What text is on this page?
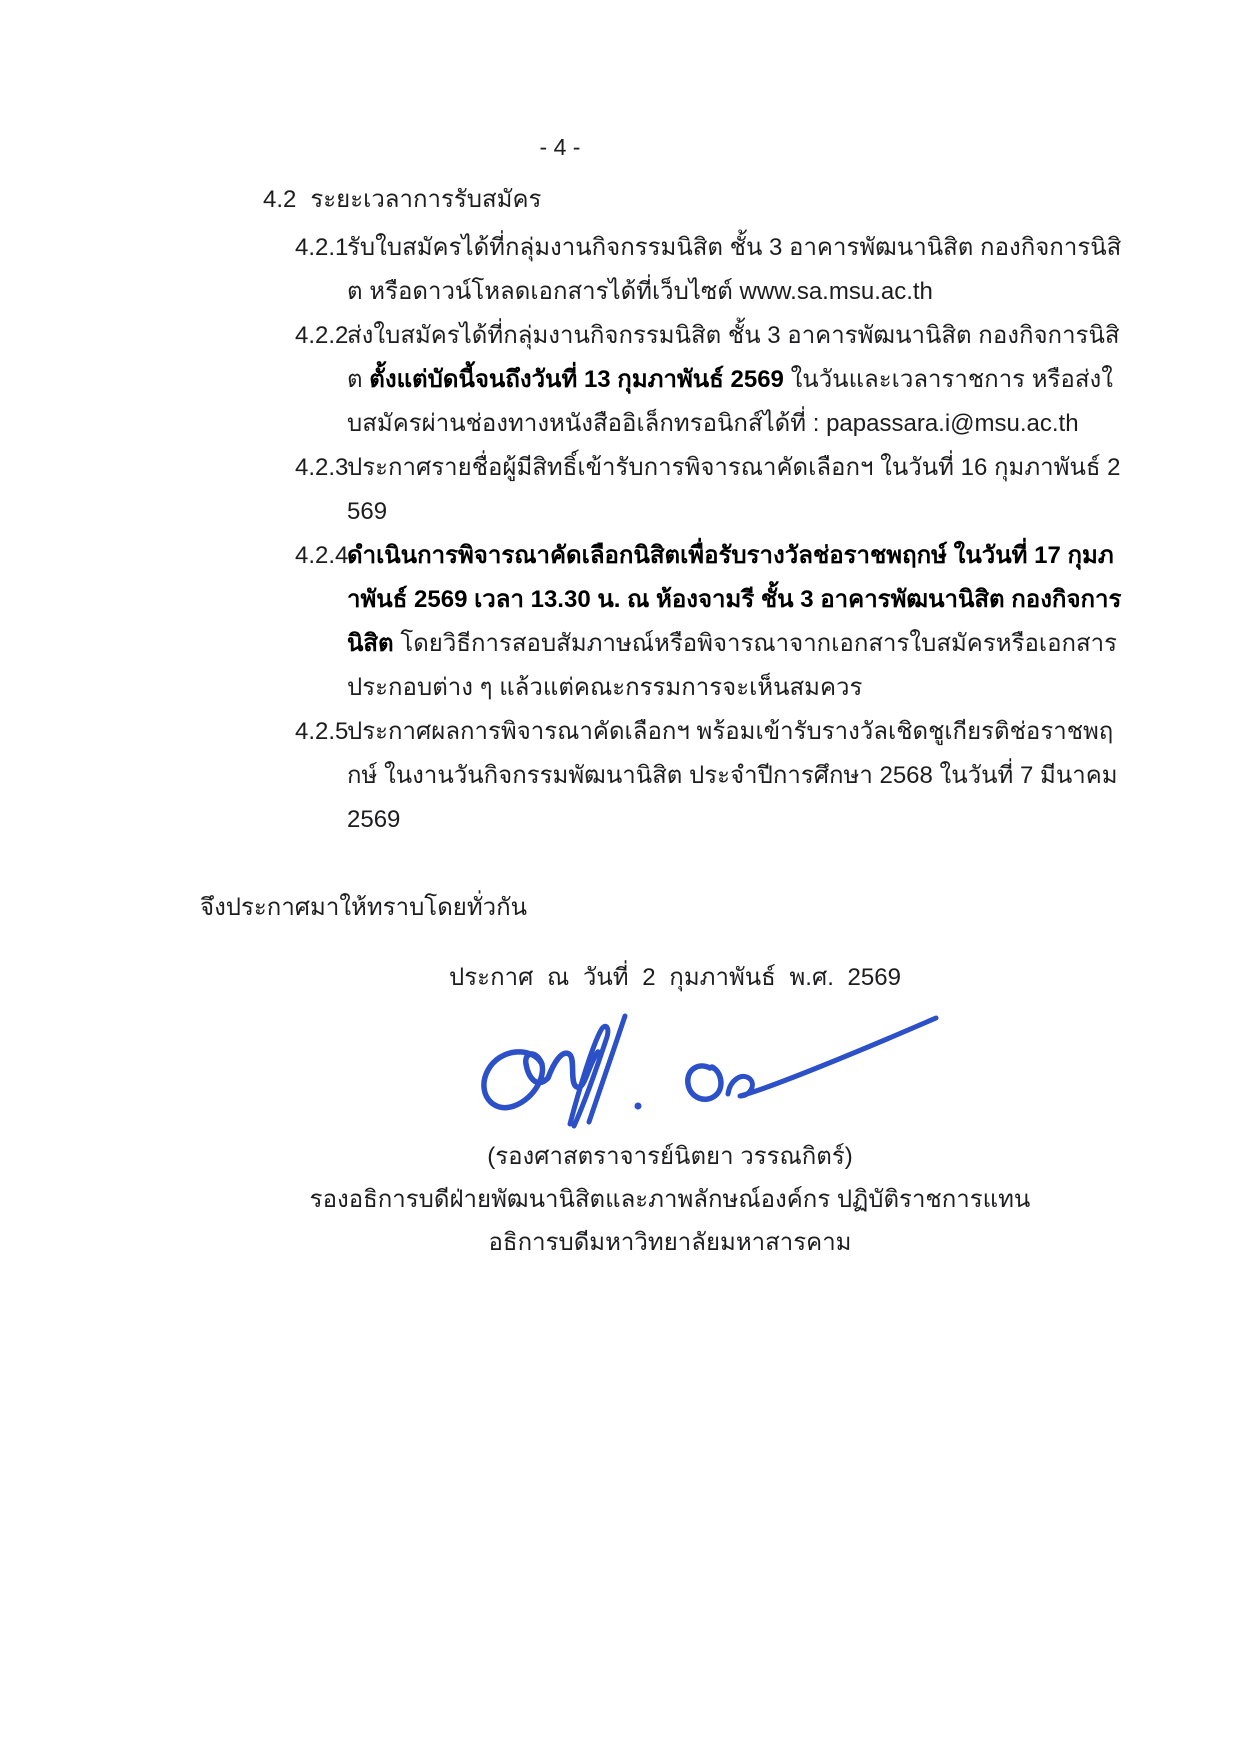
- 4 -
4.2 ระยะเวลาการรับสมัคร
4.2.1
รับใบสมัครได้ที่กลุ่มงานกิจกรรมนิสิต ชั้น 3 อาคารพัฒนานิสิต กองกิจการนิสิต หรือดาวน์โหลดเอกสารได้ที่เว็บไซต์ www.sa.msu.ac.th
4.2.2
ส่งใบสมัครได้ที่กลุ่มงานกิจกรรมนิสิต ชั้น 3 อาคารพัฒนานิสิต กองกิจการนิสิต ตั้งแต่บัดนี้จนถึงวันที่ 13 กุมภาพันธ์ 2569 ในวันและเวลาราชการ หรือส่งใบสมัครผ่านช่องทางหนังสืออิเล็กทรอนิกส์ได้ที่ : papassara.i@msu.ac.th
4.2.3
ประกาศรายชื่อผู้มีสิทธิ์เข้ารับการพิจารณาคัดเลือกฯ ในวันที่ 16 กุมภาพันธ์ 2569
4.2.4
ดำเนินการพิจารณาคัดเลือกนิสิตเพื่อรับรางวัลช่อราชพฤกษ์ ในวันที่ 17 กุมภาพันธ์ 2569 เวลา 13.30 น. ณ ห้องจามรี ชั้น 3 อาคารพัฒนานิสิต กองกิจการนิสิต โดยวิธีการสอบสัมภาษณ์หรือพิจารณาจากเอกสารใบสมัครหรือเอกสารประกอบต่าง ๆ แล้วแต่คณะกรรมการจะเห็นสมควร
4.2.5
ประกาศผลการพิจารณาคัดเลือกฯ พร้อมเข้ารับรางวัลเชิดชูเกียรติช่อราชพฤกษ์ ในงานวันกิจกรรมพัฒนานิสิต ประจำปีการศึกษา 2568 ในวันที่ 7 มีนาคม 2569
จึงประกาศมาให้ทราบโดยทั่วกัน
ประกาศ ณ วันที่ 2 กุมภาพันธ์ พ.ศ. 2569
(รองศาสตราจารย์นิตยา วรรณกิตร์)
รองอธิการบดีฝ่ายพัฒนานิสิตและภาพลักษณ์องค์กร ปฏิบัติราชการแทน
อธิการบดีมหาวิทยาลัยมหาสารคาม
